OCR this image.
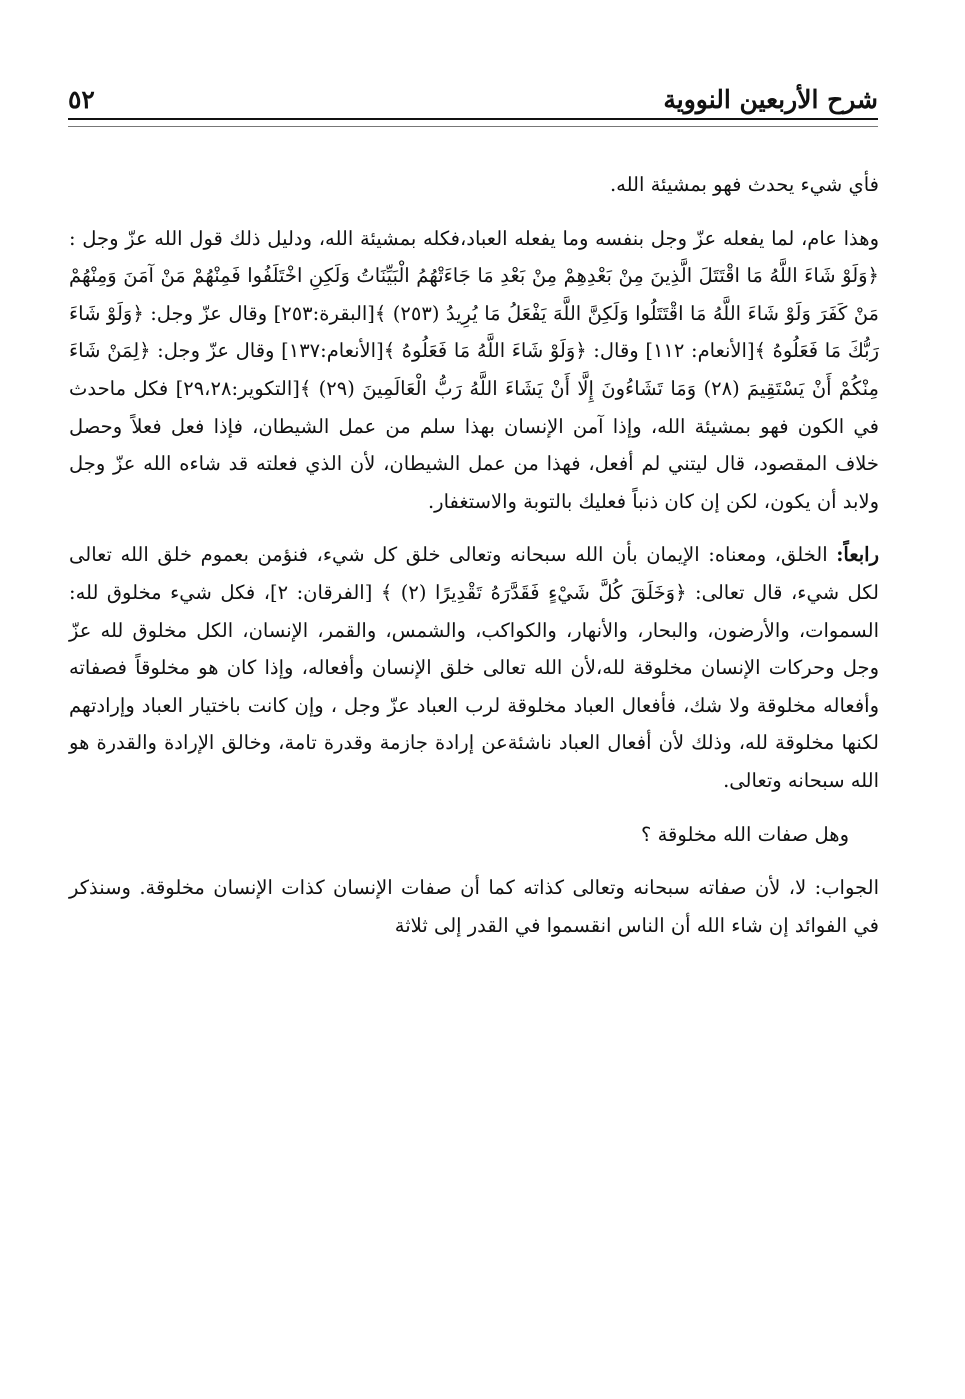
شرح الأربعين النووية
٥٢

فأي شيء يحدث فهو بمشيئة الله.

وهذا عام، لما يفعله عزّ وجل بنفسه وما يفعله العباد،فكله بمشيئة الله، ودليل ذلك قول الله عزّ وجل : ﴿وَلَوْ شَاءَ اللَّهُ مَا اقْتَتَلَ الَّذِينَ مِنْ بَعْدِهِمْ مِنْ بَعْدِ مَا جَاءَتْهُمُ الْبَيِّنَاتُ وَلَكِنِ اخْتَلَفُوا فَمِنْهُمْ مَنْ آمَنَ وَمِنْهُمْ مَنْ كَفَرَ وَلَوْ شَاءَ اللَّهُ مَا اقْتَتَلُوا وَلَكِنَّ اللَّهَ يَفْعَلُ مَا يُرِيدُ (٢٥٣) ﴾[البقرة:٢٥٣] وقال عزّ وجل: ﴿وَلَوْ شَاءَ رَبُّكَ مَا فَعَلُوهُ ﴾[الأنعام: ١١٢] وقال: ﴿وَلَوْ شَاءَ اللَّهُ مَا فَعَلُوهُ ﴾[الأنعام:١٣٧] وقال عزّ وجل: ﴿لِمَنْ شَاءَ مِنْكُمْ أَنْ يَسْتَقِيمَ (٢٨) وَمَا تَشَاءُونَ إِلَّا أَنْ يَشَاءَ اللَّهُ رَبُّ الْعَالَمِينَ (٢٩) ﴾[التكوير:٢٩،٢٨] فكل ماحدث في الكون فهو بمشيئة الله، وإذا آمن الإنسان بهذا سلم من عمل الشيطان، فإذا فعل فعلاً وحصل خلاف المقصود، قال ليتني لم أفعل، فهذا من عمل الشيطان، لأن الذي فعلته قد شاءه الله عزّ وجل ولابد أن يكون، لكن إن كان ذنباً فعليك بالتوبة والاستغفار.

رابعاً: الخلق، ومعناه: الإيمان بأن الله سبحانه وتعالى خلق كل شيء، فنؤمن بعموم خلق الله تعالى لكل شيء، قال تعالى: ﴿وَخَلَقَ كُلَّ شَيْءٍ فَقَدَّرَهُ تَقْدِيرًا (٢) ﴾ [الفرقان: ٢]، فكل شيء مخلوق لله: السموات، والأرضون، والبحار، والأنهار، والكواكب، والشمس، والقمر، الإنسان، الكل مخلوق لله عزّ وجل وحركات الإنسان مخلوقة لله،لأن الله تعالى خلق الإنسان وأفعاله، وإذا كان هو مخلوقاً فصفاته وأفعاله مخلوقة ولا شك، فأفعال العباد مخلوقة لرب العباد عزّ وجل ، وإن كانت باختيار العباد وإرادتهم لكنها مخلوقة لله، وذلك لأن أفعال العباد ناشئةعن إرادة جازمة وقدرة تامة، وخالق الإرادة والقدرة هو الله سبحانه وتعالى.

وهل صفات الله مخلوقة ؟

الجواب: لا، لأن صفاته سبحانه وتعالى كذاته كما أن صفات الإنسان كذات الإنسان مخلوقة. وسنذكر في الفوائد إن شاء الله أن الناس انقسموا في القدر إلى ثلاثة
